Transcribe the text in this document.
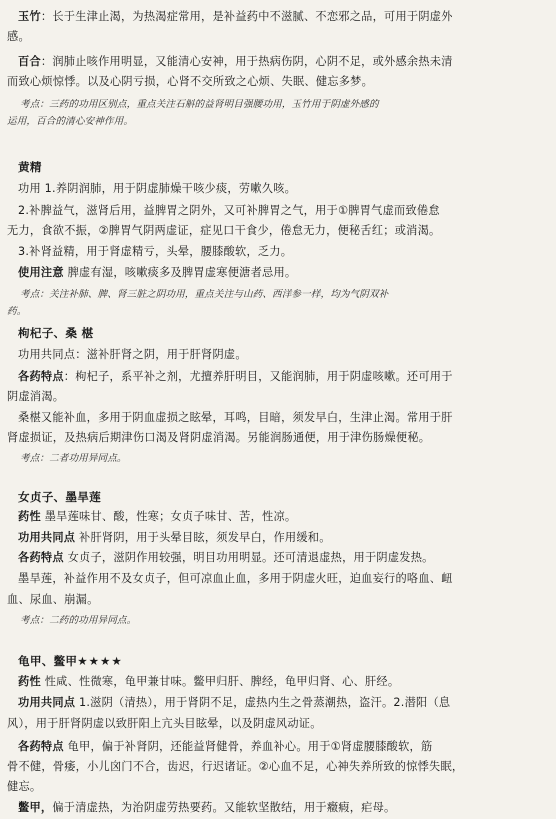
玉竹：长于生津止渴，为热渴症常用，是补益药中不滋腻、不恋邪之品，可用于阴虚外
感。
百合：润肺止咳作用明显，又能清心安神，用于热病伤阴，心阴不足，或外感余热未清
而致心烦惊悸。以及心阴亏损，心肾不交所致之心烦、失眠、健忘多梦。
考点：三药的功用区别点，重点关注石斛的益肾明目强腰功用，玉竹用于阴虚外感的
运用，百合的清心安神作用。
黄精
功用 1.养阴润肺，用于阴虚肺燥干咳少痰，劳嗽久咳。
2.补脾益气，滋肾后用，益脾胃之阴外，又可补脾胃之气，用于①脾胃气虚而致倦怠
无力，食欲不振，②脾胃气阴两虚证，症见口干食少，倦怠无力，便秘舌红；或消渴。
3.补肾益精，用于肾虚精亏，头晕，腰膝酸软，乏力。
使用注意 脾虚有湿，咳嗽痰多及脾胃虚寒便溏者忌用。
考点：关注补肺、脾、肾三脏之阴功用，重点关注与山药、西洋参一样，均为气阴双补
药。
枸杞子、桑 椹
功用共同点：滋补肝肾之阴，用于肝肾阴虚。
各药特点：枸杞子，系平补之剂，尤擅养肝明目，又能润肺，用于阴虚咳嗽。还可用于
阴虚消渴。
桑椹又能补血，多用于阴血虚损之眩晕，耳鸣，目暗，须发早白，生津止渴。常用于肝
肾虚损证，及热病后期津伤口渴及肾阴虚消渴。另能润肠通便，用于津伤肠燥便秘。
考点：二者功用异同点。
女贞子、墨旱莲
药性 墨旱莲味甘、酸，性寒；女贞子味甘、苦，性凉。
功用共同点 补肝肾阴，用于头晕目眩，须发早白，作用缓和。
各药特点 女贞子，滋阴作用较强，明目功用明显。还可清退虚热，用于阴虚发热。
墨旱莲，补益作用不及女贞子，但可凉血止血，多用于阴虚火旺，迫血妄行的咯血、衄
血、尿血、崩漏。
考点：二药的功用异同点。
龟甲、鳖甲★★★★
药性 性咸、性微寒，龟甲兼甘味。鳖甲归肝、脾经，龟甲归肾、心、肝经。
功用共同点 1.滋阴（清热），用于肾阴不足，虚热内生之骨蒸潮热，盗汗。2.潜阳（息
风），用于肝肾阴虚以致肝阳上亢头目眩晕，以及阴虚风动证。
各药特点 龟甲，偏于补肾阴，还能益肾健骨，养血补心。用于①肾虚腰膝酸软，筋
骨不健，骨痿，小儿囟门不合，齿迟，行迟诸证。②心血不足，心神失养所致的惊悸失眠，
健忘。
鳖甲，偏于清虚热，为治阴虚劳热要药。又能软坚散结，用于癥瘕，疟母。
